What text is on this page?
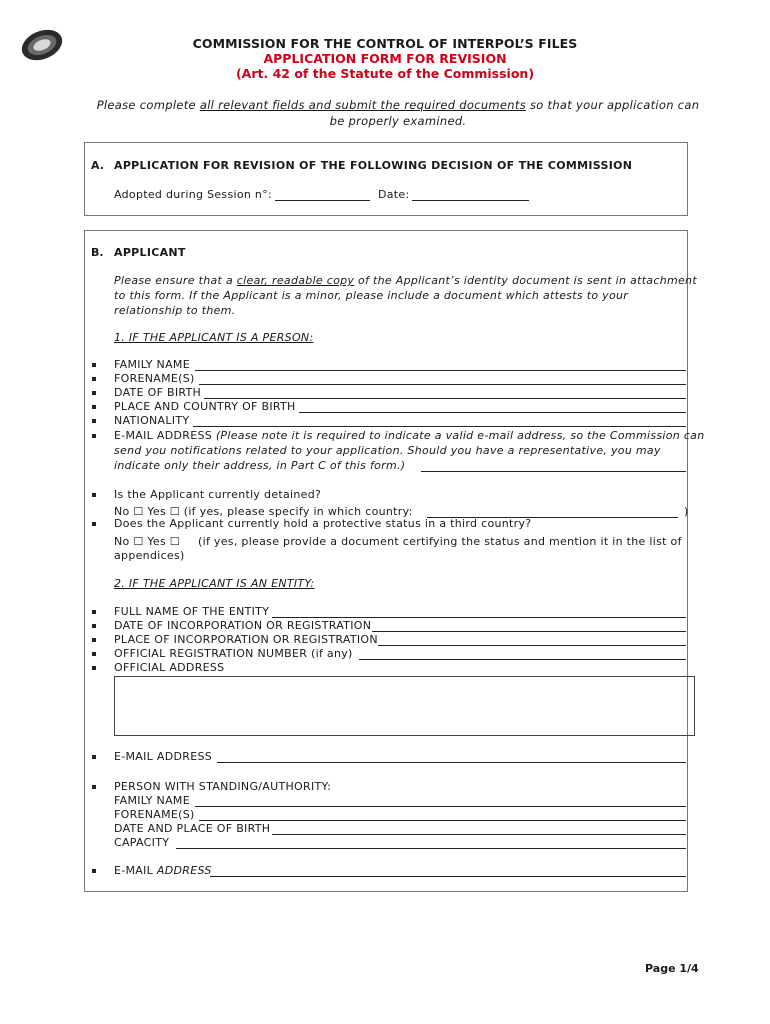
COMMISSION FOR THE CONTROL OF INTERPOL’S FILES
APPLICATION FORM FOR REVISION
(Art. 42 of the Statute of the Commission)
Please complete all relevant fields and submit the required documents so that your application can be properly examined.
A. APPLICATION FOR REVISION OF THE FOLLOWING DECISION OF THE COMMISSION
Adopted during Session n°:	Date:
B. APPLICANT
Please ensure that a clear, readable copy of the Applicant’s identity document is sent in attachment
to this form. If the Applicant is a minor, please include a document which attests to your
relationship to them.
1. IF THE APPLICANT IS A PERSON:
FAMILY NAME
FORENAME(S)
DATE OF BIRTH
PLACE AND COUNTRY OF BIRTH
NATIONALITY
E-MAIL ADDRESS (Please note it is required to indicate a valid e-mail address, so the Commission can
send you notifications related to your application. Should you have a representative, you may
indicate only their address, in Part C of this form.)
Is the Applicant currently detained?
No ☐ Yes ☐ (if yes, please specify in which country:	)
Does the Applicant currently hold a protective status in a third country?
No ☐ Yes ☐ (if yes, please provide a document certifying the status and mention it in the list of
appendices)
2. IF THE APPLICANT IS AN ENTITY:
FULL NAME OF THE ENTITY
DATE OF INCORPORATION OR REGISTRATION
PLACE OF INCORPORATION OR REGISTRATION
OFFICIAL REGISTRATION NUMBER (if any)
OFFICIAL ADDRESS
E-MAIL ADDRESS
PERSON WITH STANDING/AUTHORITY:
FAMILY NAME
FORENAME(S)
DATE AND PLACE OF BIRTH
CAPACITY
E-MAIL ADDRESS
Page 1/4
